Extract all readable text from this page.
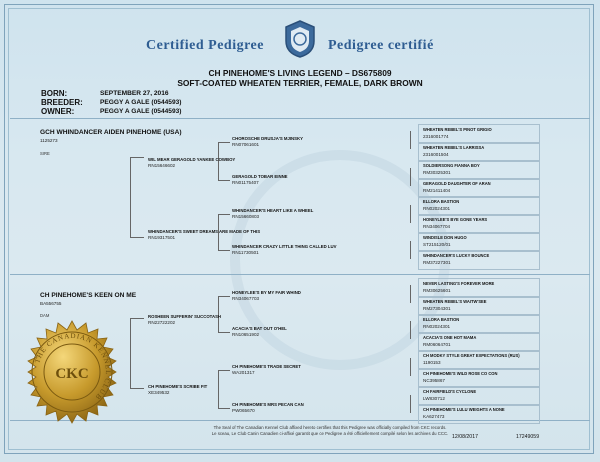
Certified Pedigree	Pedigree certifié
CH PINEHOME'S LIVING LEGEND – DS675809
SOFT-COATED WHEATEN TERRIER, FEMALE, DARK BROWN
BORN:	SEPTEMBER 27, 2016
BREEDER:	PEGGY A GALE (0544593)
OWNER:	PEGGY A GALE (0544593)
GCH WHINDANCER AIDEN PINEHOME (USA)
1125273
SIRE
CH PINEHOME'S KEEN ON ME
BA556755
DAM
WIL MEAR GERAGOLD YANKEE COWBOY
RN15646602
WHINDANCER'S SWEET DREAMS ARE MADE OF THIS
RN19317501
ROSHEEN SUFFERIN' SUCCOTASH
RN22722202
CH PINEHOME'S SCRIBE FIT
XE349532
CHOROSCHE DRUSJA'S MJINSKY
RN07061601
GERAGOLD TOBAR EINNE
RN01175407
WHINDANCER'S HEART LIKE A WHEEL
RN15660803
WHINDANCER CRAZY LITTLE THING CALLED LUV
RN11730501
HONEYLEE'S BY MY FAIR WHIND
RN34067703
ACACIA'S BAT OUT O'HEL
RN10651902
CH PINEHOME'S TRADE SECRET
WA201317
CH PINEHOME'S MRS PECAN CAN
PW065670
WHEATEN REBEL'S PINOT GRIGIO
2316001774
WHEATEN REBEL'S LARRISSA
2316001504
SOLDIERSONG FIANNA BOY
RM30325301
GERAGOLD DAUGHTER OF ARAN
RM21411404
ELLORA BASTION
RN02024301
HONEYLEE'S BYE GONE YEARS
RN34067704
WINDISLE DON HUGO
ST215120/01
WHINDANCER'S LUCKY BOUNCE
RM37227301
NEVER LASTING'S FOREVER MORE
RM30625601
WHEATEN REBEL'S WAITW'SEE
RM27304301
ELLORA BASTION
RN02024301
ACACIA'S ONE HOT MAMA
RM06064701
CH MODKY STYLE GREAT EXPECTATIONS (RUS)
1190153
CH PINEHOME'S WILD ROSE CO CON
NC395867
CH FAIRFIELD'S CYCLONE
LW830712
CH PINEHOME'S LULU WEIGHTS A NONE
KA627473
THE CANADIAN KENNEL CLUB
CKC
The Seal of The Canadian Kennel Club affixed hereto certifies that this Pedigree was officially compiled from CKC records.
Le sceau, Le Club Canin Canadien ci-affixé garantit que ce Pedigree a été officiellement compilé selon les archives du CCC.
12/08/2017	17249059
